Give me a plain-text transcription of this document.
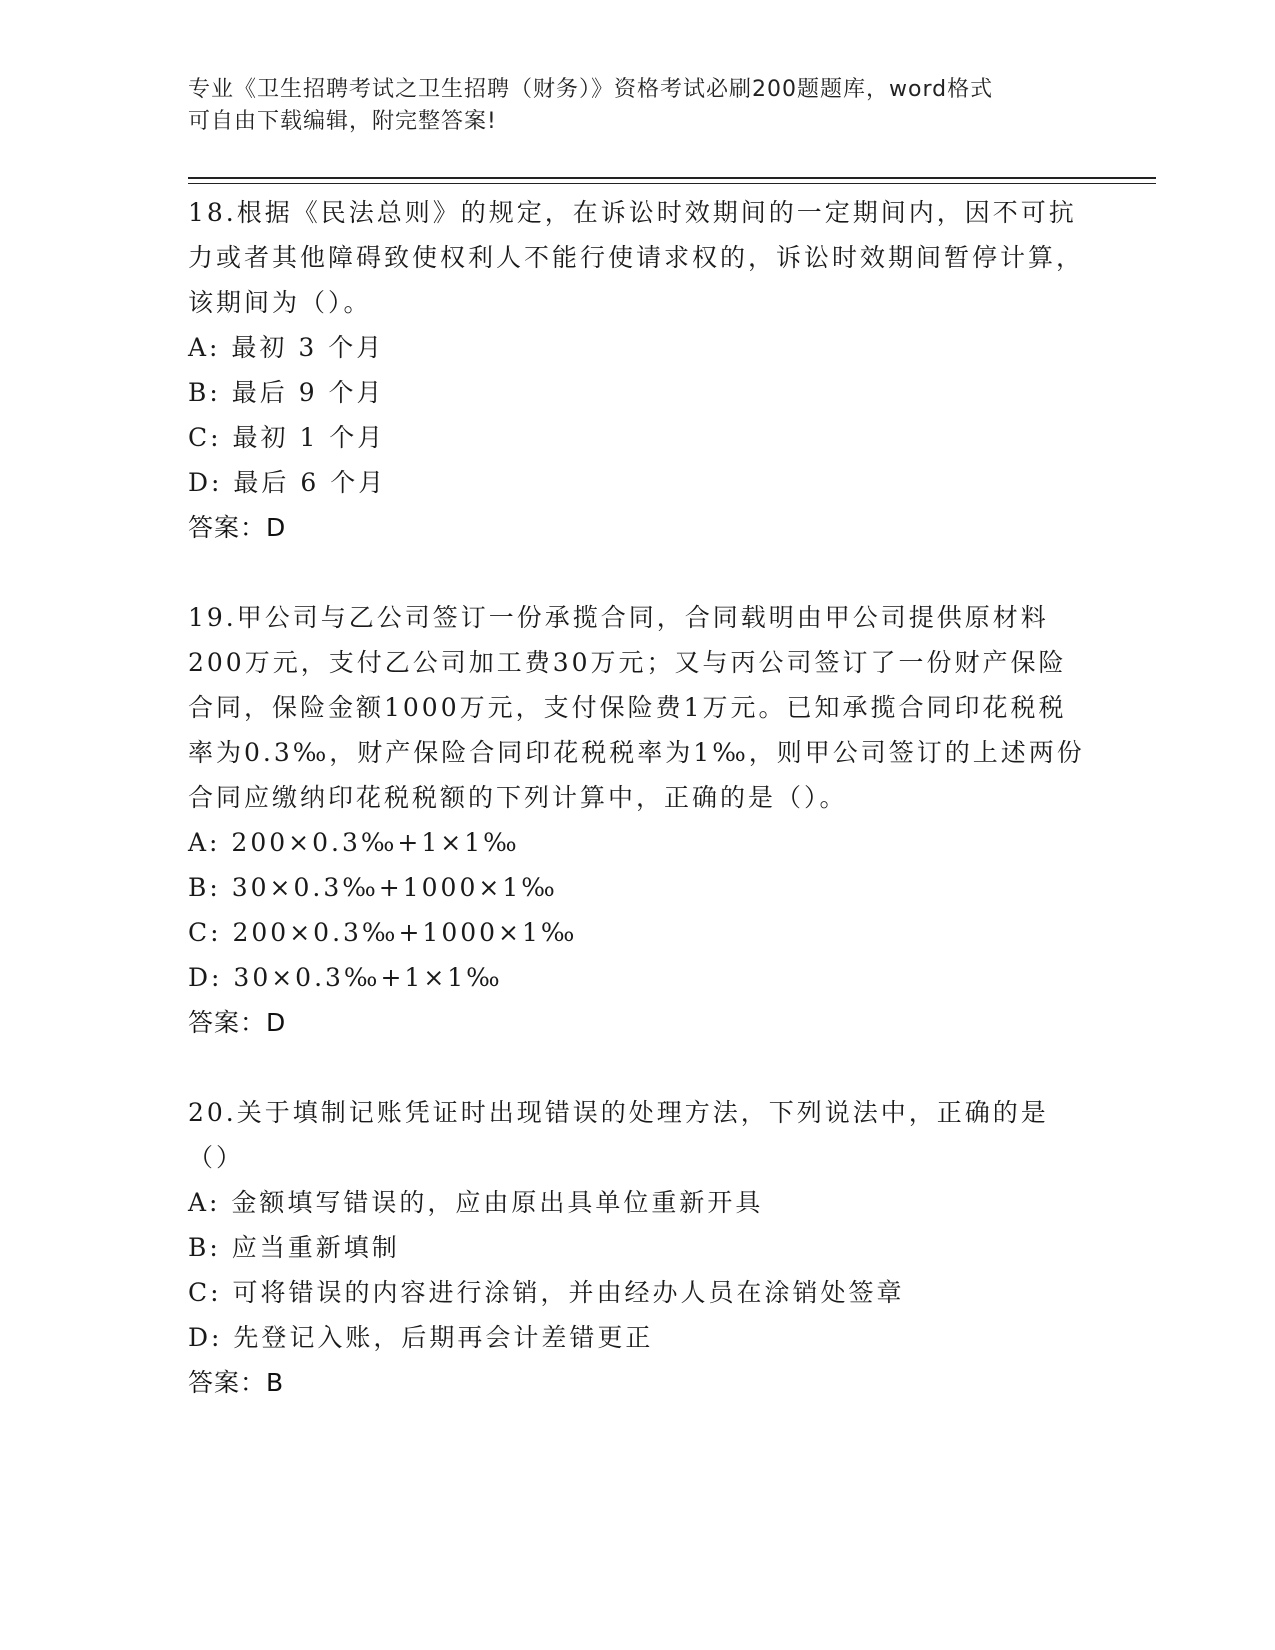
专业《卫生招聘考试之卫生招聘（财务）》资格考试必刷200题题库，word格式

可自由下载编辑，附完整答案!

18.根据《民法总则》的规定，在诉讼时效期间的一定期间内，因不可抗力或者其他障碍致使权利人不能行使请求权的，诉讼时效期间暂停计算，该期间为（）。

A: 最初 3 个月

B: 最后 9 个月

C: 最初 1 个月

D: 最后 6 个月

答案：D

19.甲公司与乙公司签订一份承揽合同，合同载明由甲公司提供原材料200万元，支付乙公司加工费30万元；又与丙公司签订了一份财产保险合同，保险金额1000万元，支付保险费1万元。已知承揽合同印花税税率为0.3‰，财产保险合同印花税税率为1‰，则甲公司签订的上述两份合同应缴纳印花税税额的下列计算中，正确的是（）。

A: 200×0.3‰+1×1‰

B: 30×0.3‰+1000×1‰

C: 200×0.3‰+1000×1‰

D: 30×0.3‰+1×1‰

答案：D

20.关于填制记账凭证时出现错误的处理方法，下列说法中，正确的是（）

A: 金额填写错误的，应由原出具单位重新开具

B: 应当重新填制

C: 可将错误的内容进行涂销，并由经办人员在涂销处签章

D: 先登记入账，后期再会计差错更正

答案：B
